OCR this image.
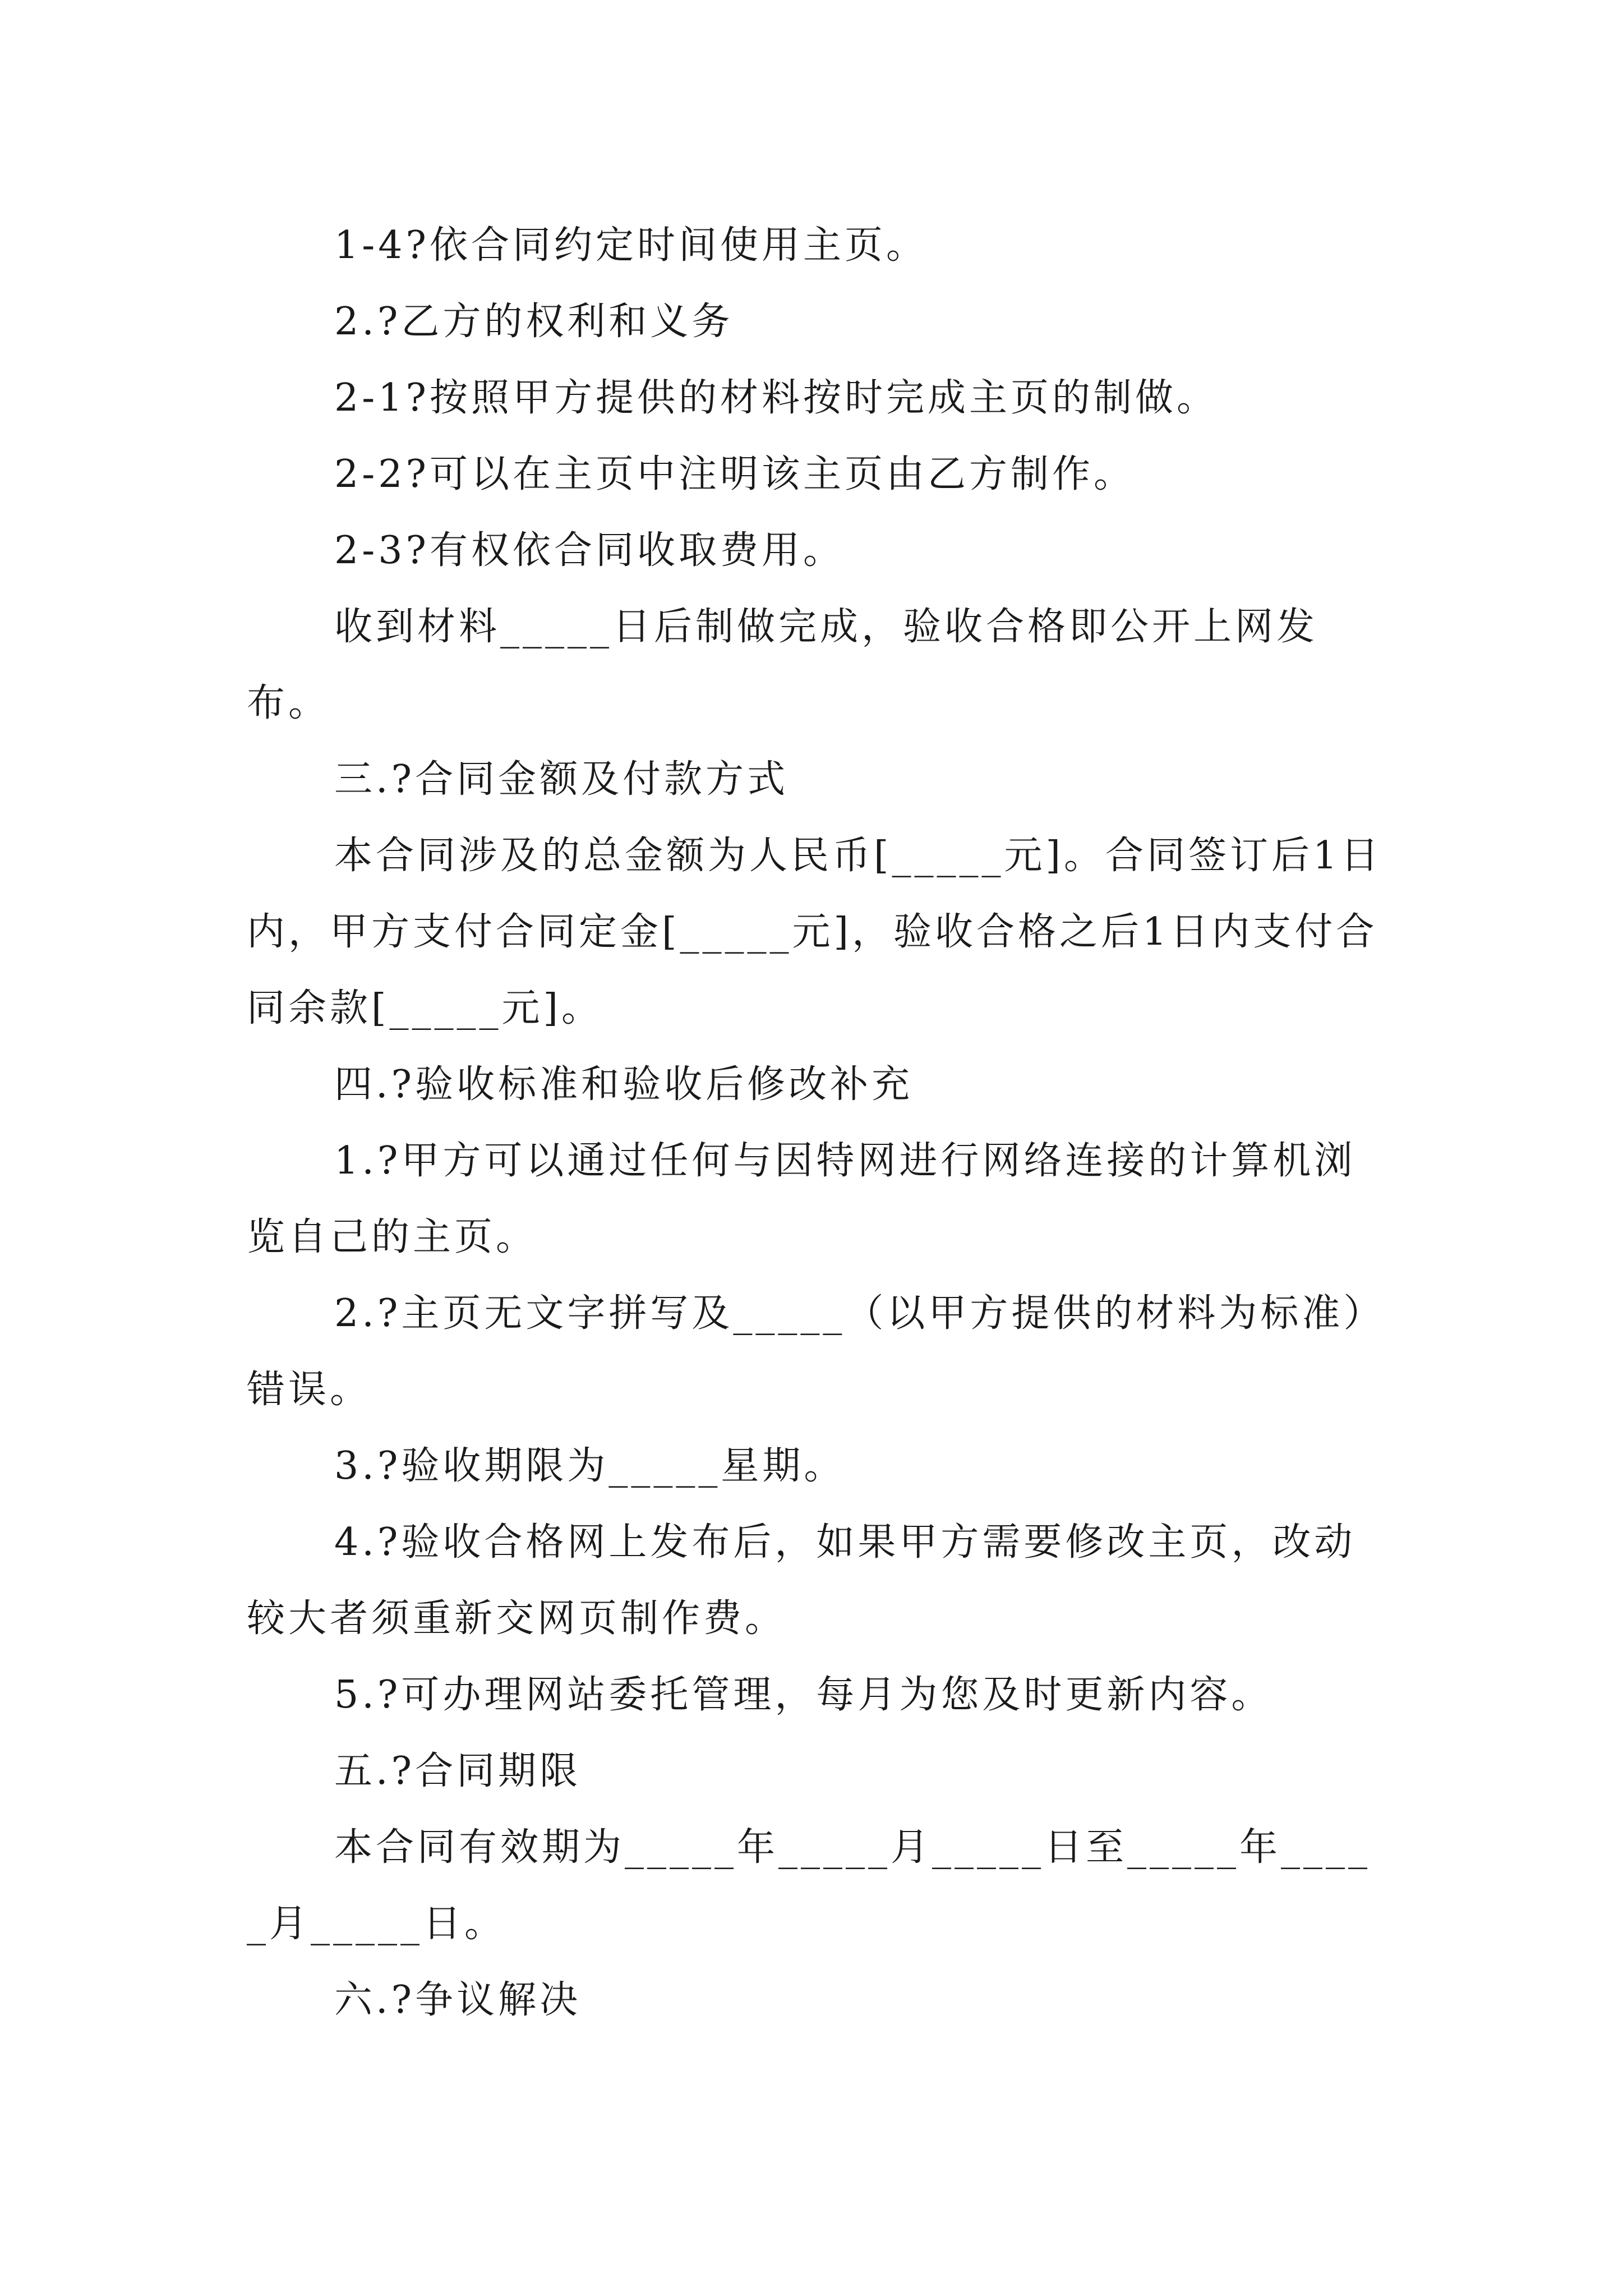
1-4?依合同约定时间使用主页。

2.?乙方的权利和义务

2-1?按照甲方提供的材料按时完成主页的制做。

2-2?可以在主页中注明该主页由乙方制作。

2-3?有权依合同收取费用。

收到材料_____日后制做完成，验收合格即公开上网发布。

三.?合同金额及付款方式

本合同涉及的总金额为人民币[_____元]。合同签订后1日内，甲方支付合同定金[_____元]，验收合格之后1日内支付合同余款[_____元]。

四.?验收标准和验收后修改补充

1.?甲方可以通过任何与因特网进行网络连接的计算机浏览自己的主页。

2.?主页无文字拼写及_____（以甲方提供的材料为标准）错误。

3.?验收期限为_____星期。

4.?验收合格网上发布后，如果甲方需要修改主页，改动较大者须重新交网页制作费。

5.?可办理网站委托管理，每月为您及时更新内容。

五.?合同期限

本合同有效期为_____年_____月_____日至_____年_____月_____日。

六.?争议解决
